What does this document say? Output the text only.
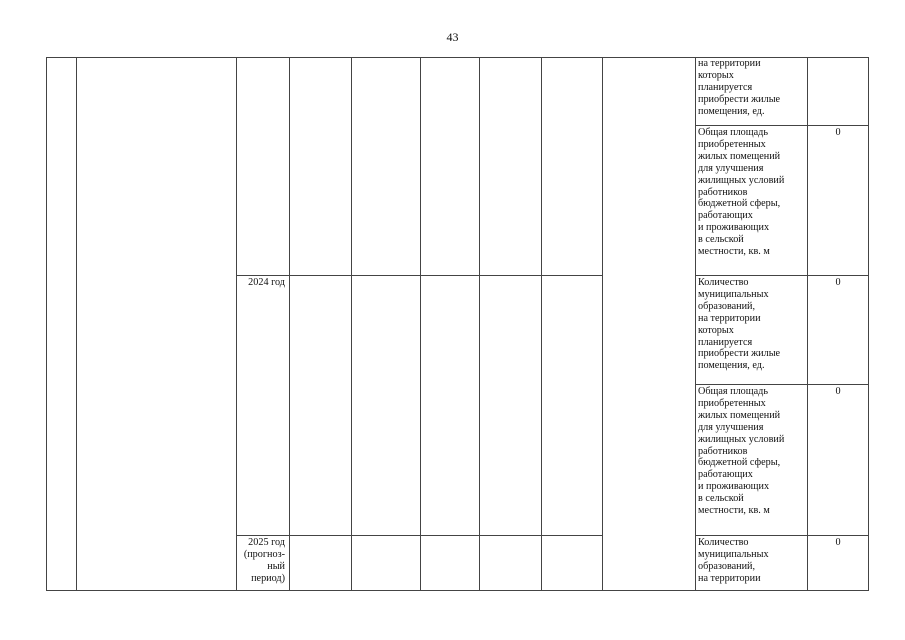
43
2024 год
2025 год (прогноз- ный период)
на территории
которых
планируется
приобрести жилые
помещения, ед.
Общая площадь
приобретенных
жилых помещений
для улучшения
жилищных условий
работников
бюджетной сферы,
работающих
и проживающих
в сельской
местности, кв. м
Количество
муниципальных
образований,
на территории
которых
планируется
приобрести жилые
помещения, ед.
Общая площадь
приобретенных
жилых помещений
для улучшения
жилищных условий
работников
бюджетной сферы,
работающих
и проживающих
в сельской
местности, кв. м
Количество
муниципальных
образований,
на территории
0
0
0
0
